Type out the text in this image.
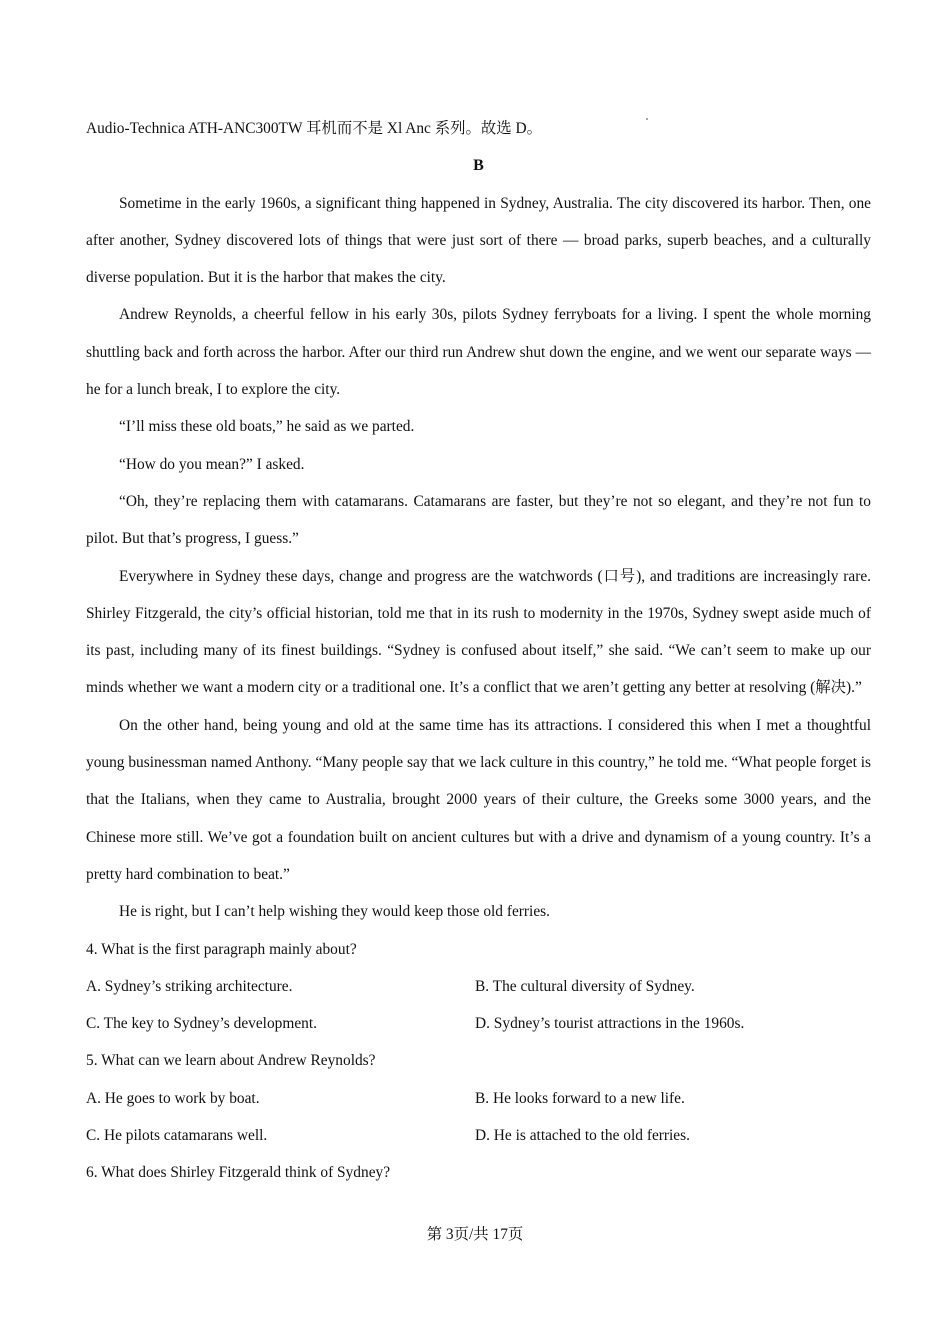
Audio-Technica ATH-ANC300TW 耳机而不是 Xl Anc 系列。故选 D。

B

Sometime in the early 1960s, a significant thing happened in Sydney, Australia. The city discovered its harbor. Then, one after another, Sydney discovered lots of things that were just sort of there — broad parks, superb beaches, and a culturally diverse population. But it is the harbor that makes the city.

Andrew Reynolds, a cheerful fellow in his early 30s, pilots Sydney ferryboats for a living. I spent the whole morning shuttling back and forth across the harbor. After our third run Andrew shut down the engine, and we went our separate ways — he for a lunch break, I to explore the city.

“I’ll miss these old boats,” he said as we parted.

“How do you mean?” I asked.

“Oh, they’re replacing them with catamarans. Catamarans are faster, but they’re not so elegant, and they’re not fun to pilot. But that’s progress, I guess.”

Everywhere in Sydney these days, change and progress are the watchwords (口号), and traditions are increasingly rare. Shirley Fitzgerald, the city’s official historian, told me that in its rush to modernity in the 1970s, Sydney swept aside much of its past, including many of its finest buildings. “Sydney is confused about itself,” she said. “We can’t seem to make up our minds whether we want a modern city or a traditional one. It’s a conflict that we aren’t getting any better at resolving (解决).”

On the other hand, being young and old at the same time has its attractions. I considered this when I met a thoughtful young businessman named Anthony. “Many people say that we lack culture in this country,” he told me. “What people forget is that the Italians, when they came to Australia, brought 2000 years of their culture, the Greeks some 3000 years, and the Chinese more still. We’ve got a foundation built on ancient cultures but with a drive and dynamism of a young country. It’s a pretty hard combination to beat.”

He is right, but I can’t help wishing they would keep those old ferries.

4. What is the first paragraph mainly about?

A. Sydney’s striking architecture.	B. The cultural diversity of Sydney.
C. The key to Sydney’s development.	D. Sydney’s tourist attractions in the 1960s.

5. What can we learn about Andrew Reynolds?

A. He goes to work by boat.	B. He looks forward to a new life.
C. He pilots catamarans well.	D. He is attached to the old ferries.

6. What does Shirley Fitzgerald think of Sydney?

第 3页/共 17页
